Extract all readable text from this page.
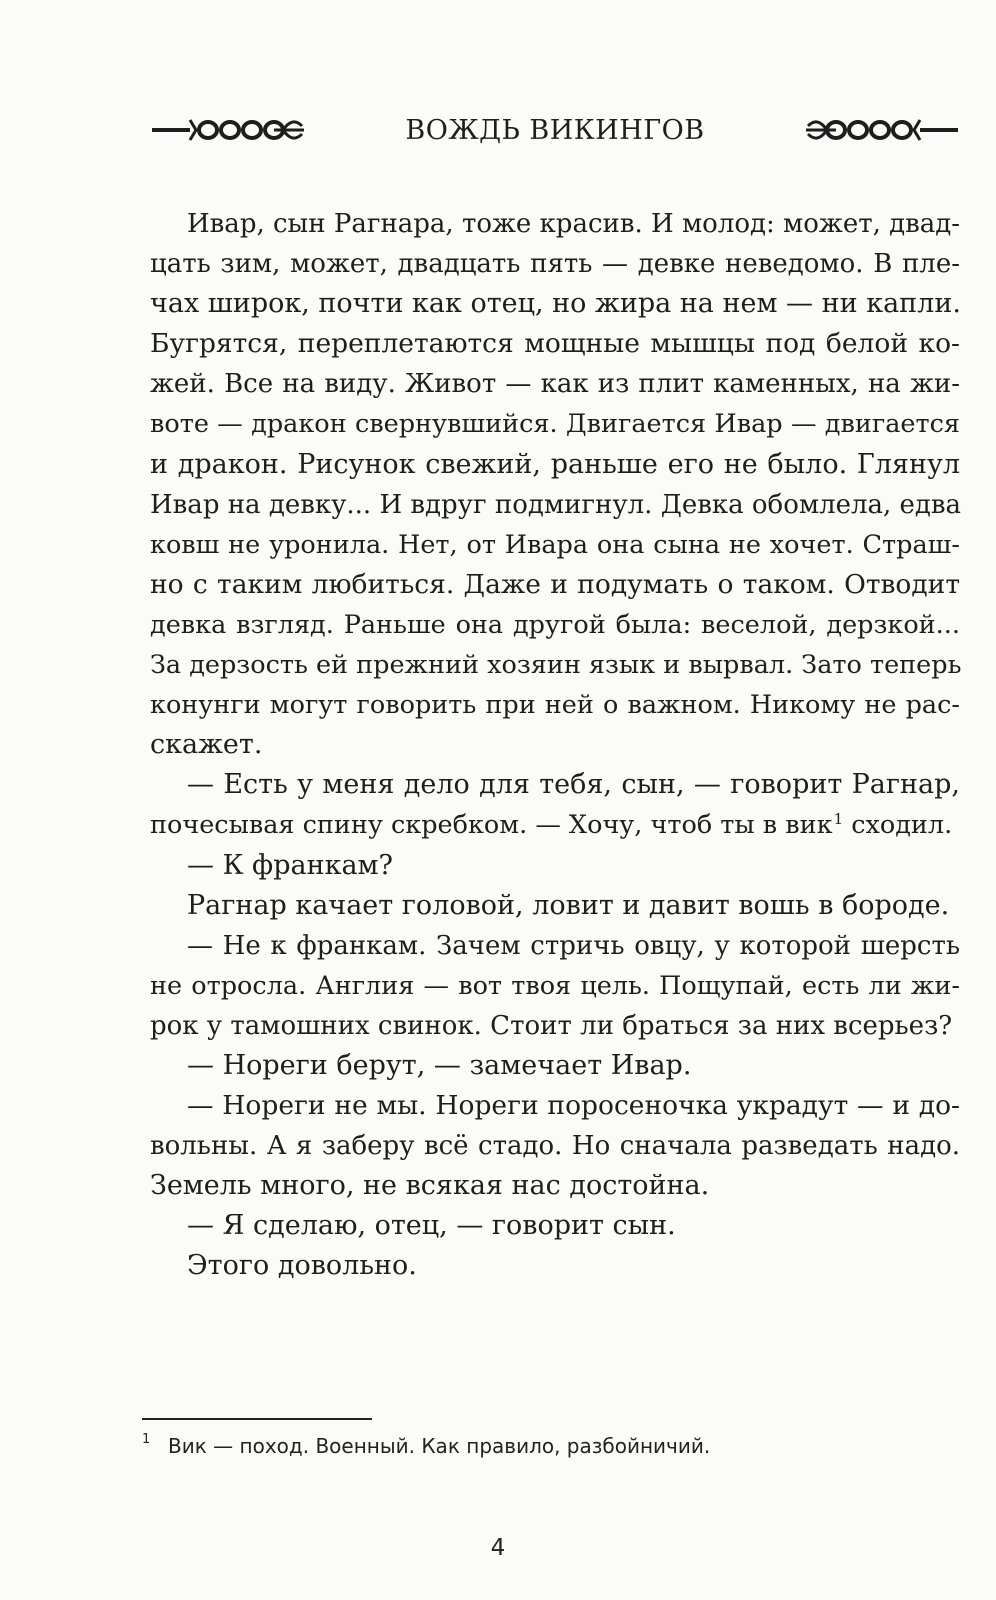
ВОЖДЬ ВИКИНГОВ

Ивар, сын Рагнара, тоже красив. И молод: может, двад-
цать зим, может, двадцать пять — девке неведомо. В пле-
чах широк, почти как отец, но жира на нем — ни капли.
Бугрятся, переплетаются мощные мышцы под белой ко-
жей. Все на виду. Живот — как из плит каменных, на жи-
воте — дракон свернувшийся. Двигается Ивар — двигается
и дракон. Рисунок свежий, раньше его не было. Глянул
Ивар на девку... И вдруг подмигнул. Девка обомлела, едва
ковш не уронила. Нет, от Ивара она сына не хочет. Страш-
но с таким любиться. Даже и подумать о таком. Отводит
девка взгляд. Раньше она другой была: веселой, дерзкой...
За дерзость ей прежний хозяин язык и вырвал. Зато теперь
конунги могут говорить при ней о важном. Никому не рас-
скажет.

— Есть у меня дело для тебя, сын, — говорит Рагнар,
почесывая спину скребком. — Хочу, чтоб ты в вик$^1$ сходил.

— К франкам?

Рагнар качает головой, ловит и давит вошь в бороде.

— Не к франкам. Зачем стричь овцу, у которой шерсть
не отросла. Англия — вот твоя цель. Пощупай, есть ли жи-
рок у тамошних свинок. Стоит ли браться за них всерьез?

— Нореги берут, — замечает Ивар.

— Нореги не мы. Нореги поросеночка украдут — и до-
вольны. А я заберу всё стадо. Но сначала разведать надо.
Земель много, не всякая нас достойна.

— Я сделаю, отец, — говорит сын.

Этого довольно.

1 Вик — поход. Военный. Как правило, разбойничий.
4
